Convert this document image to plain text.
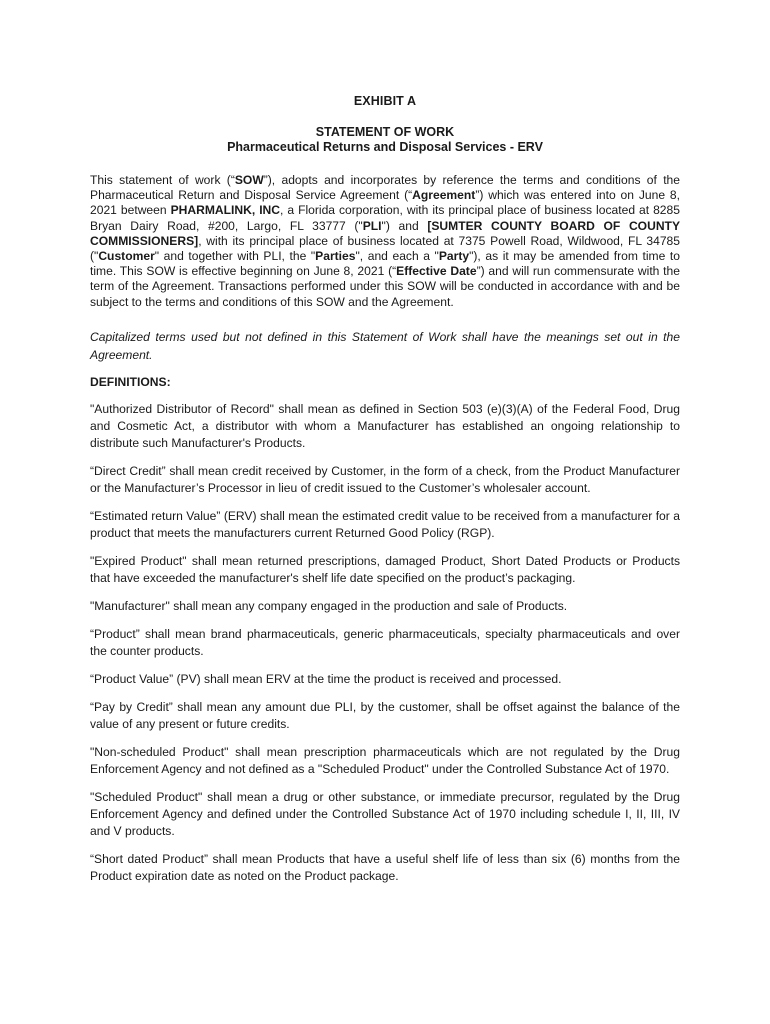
EXHIBIT A
STATEMENT OF WORK
Pharmaceutical Returns and Disposal Services - ERV

This statement of work (“SOW”), adopts and incorporates by reference the terms and conditions of the Pharmaceutical Return and Disposal Service Agreement (“Agreement”) which was entered into on June 8, 2021 between PHARMALINK, INC, a Florida corporation, with its principal place of business located at 8285 Bryan Dairy Road, #200, Largo, FL 33777 ("PLI") and [SUMTER COUNTY BOARD OF COUNTY COMMISSIONERS], with its principal place of business located at 7375 Powell Road, Wildwood, FL 34785 ("Customer" and together with PLI, the "Parties", and each a "Party"), as it may be amended from time to time. This SOW is effective beginning on June 8, 2021 (“Effective Date”) and will run commensurate with the term of the Agreement. Transactions performed under this SOW will be conducted in accordance with and be subject to the terms and conditions of this SOW and the Agreement.

Capitalized terms used but not defined in this Statement of Work shall have the meanings set out in the Agreement.

DEFINITIONS:

"Authorized Distributor of Record" shall mean as defined in Section 503 (e)(3)(A) of the Federal Food, Drug and Cosmetic Act, a distributor with whom a Manufacturer has established an ongoing relationship to distribute such Manufacturer's Products.

“Direct Credit” shall mean credit received by Customer, in the form of a check, from the Product Manufacturer or the Manufacturer’s Processor in lieu of credit issued to the Customer’s wholesaler account.

“Estimated return Value” (ERV) shall mean the estimated credit value to be received from a manufacturer for a product that meets the manufacturers current Returned Good Policy (RGP).

"Expired Product" shall mean returned prescriptions, damaged Product, Short Dated Products or Products that have exceeded the manufacturer's shelf life date specified on the product’s packaging.

"Manufacturer" shall mean any company engaged in the production and sale of Products.

“Product” shall mean brand pharmaceuticals, generic pharmaceuticals, specialty pharmaceuticals and over the counter products.

“Product Value” (PV) shall mean ERV at the time the product is received and processed.

“Pay by Credit” shall mean any amount due PLI, by the customer, shall be offset against the balance of the value of any present or future credits.

"Non-scheduled Product" shall mean prescription pharmaceuticals which are not regulated by the Drug Enforcement Agency and not defined as a "Scheduled Product" under the Controlled Substance Act of 1970.

"Scheduled Product" shall mean a drug or other substance, or immediate precursor, regulated by the Drug Enforcement Agency and defined under the Controlled Substance Act of 1970 including schedule I, II, III, IV and V products.

“Short dated Product” shall mean Products that have a useful shelf life of less than six (6) months from the Product expiration date as noted on the Product package.
